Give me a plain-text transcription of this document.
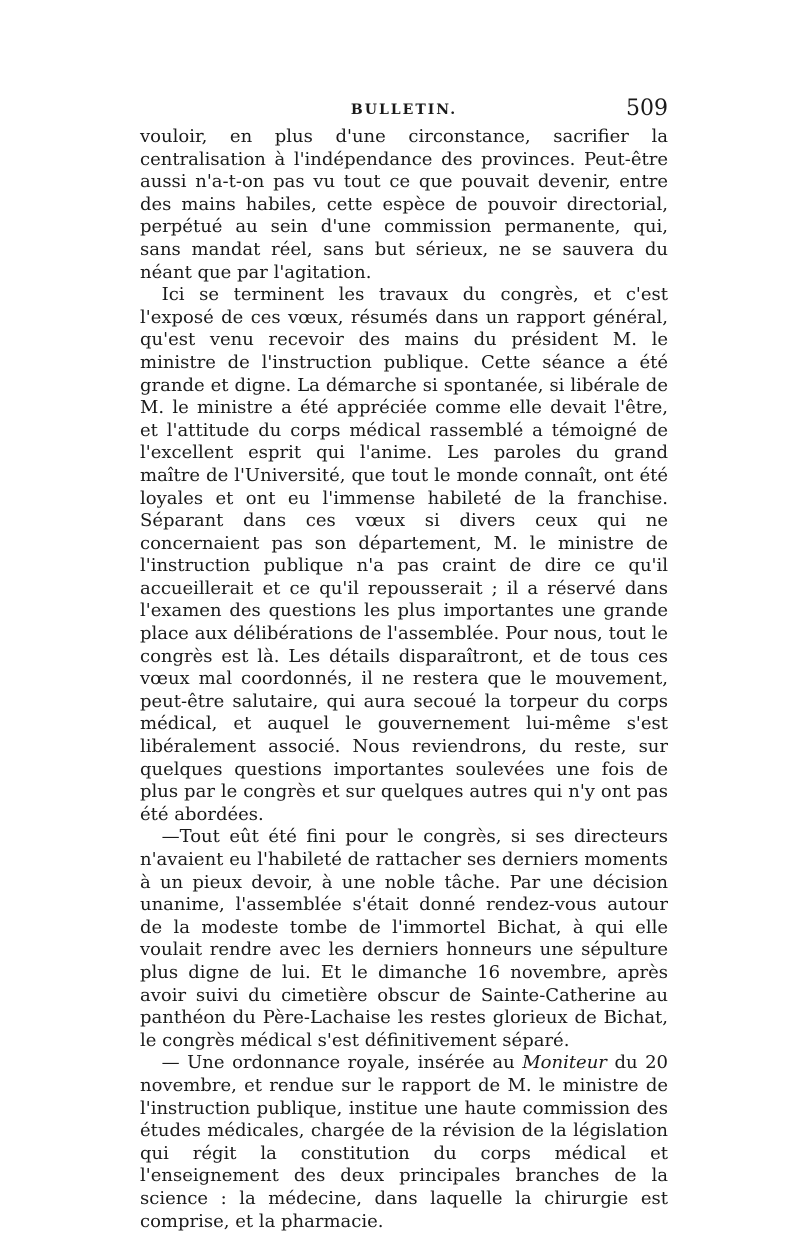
BULLETIN.	509

vouloir, en plus d'une circonstance, sacrifier la centralisation à l'indépendance des provinces. Peut-être aussi n'a-t-on pas vu tout ce que pouvait devenir, entre des mains habiles, cette espèce de pouvoir directorial, perpétué au sein d'une commission permanente, qui, sans mandat réel, sans but sérieux, ne se sauvera du néant que par l'agitation.

Ici se terminent les travaux du congrès, et c'est l'exposé de ces vœux, résumés dans un rapport général, qu'est venu recevoir des mains du président M. le ministre de l'instruction publique. Cette séance a été grande et digne. La démarche si spontanée, si libérale de M. le ministre a été appréciée comme elle devait l'être, et l'attitude du corps médical rassemblé a témoigné de l'excellent esprit qui l'anime. Les paroles du grand maître de l'Université, que tout le monde connaît, ont été loyales et ont eu l'immense habileté de la franchise. Séparant dans ces vœux si divers ceux qui ne concernaient pas son département, M. le ministre de l'instruction publique n'a pas craint de dire ce qu'il accueillerait et ce qu'il repousserait ; il a réservé dans l'examen des questions les plus importantes une grande place aux délibérations de l'assemblée. Pour nous, tout le congrès est là. Les détails disparaîtront, et de tous ces vœux mal coordonnés, il ne restera que le mouvement, peut-être salutaire, qui aura secoué la torpeur du corps médical, et auquel le gouvernement lui-même s'est libéralement associé. Nous reviendrons, du reste, sur quelques questions importantes soulevées une fois de plus par le congrès et sur quelques autres qui n'y ont pas été abordées.

—Tout eût été fini pour le congrès, si ses directeurs n'avaient eu l'habileté de rattacher ses derniers moments à un pieux devoir, à une noble tâche. Par une décision unanime, l'assemblée s'était donné rendez-vous autour de la modeste tombe de l'immortel Bichat, à qui elle voulait rendre avec les derniers honneurs une sépulture plus digne de lui. Et le dimanche 16 novembre, après avoir suivi du cimetière obscur de Sainte-Catherine au panthéon du Père-Lachaise les restes glorieux de Bichat, le congrès médical s'est définitivement séparé.

— Une ordonnance royale, insérée au Moniteur du 20 novembre, et rendue sur le rapport de M. le ministre de l'instruction publique, institue une haute commission des études médicales, chargée de la révision de la législation qui régit la constitution du corps médical et l'enseignement des deux principales branches de la science : la médecine, dans laquelle la chirurgie est comprise, et la pharmacie.
